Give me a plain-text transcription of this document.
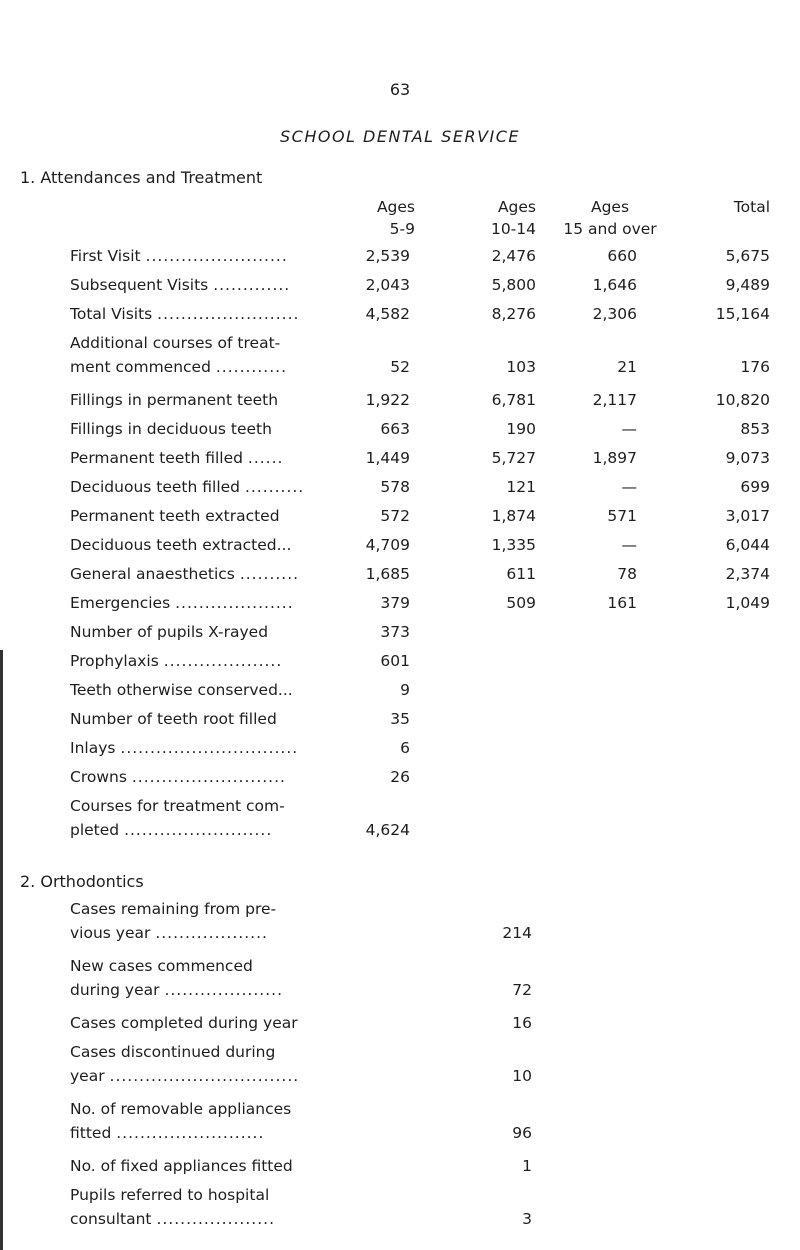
63
SCHOOL DENTAL SERVICE
1. Attendances and Treatment
Ages
5-9
Ages
10-14
Ages
15 and over
Total
First Visit ........................	2,539	2,476	660	5,675
Subsequent Visits .............	2,043	5,800	1,646	9,489
Total Visits ........................	4,582	8,276	2,306	15,164
Additional courses of treat-
ment commenced ............	52	103	21	176
Fillings in permanent teeth	1,922	6,781	2,117	10,820
Fillings in deciduous teeth	663	190	—	853
Permanent teeth filled ......	1,449	5,727	1,897	9,073
Deciduous teeth filled ..........	578	121	—	699
Permanent teeth extracted	572	1,874	571	3,017
Deciduous teeth extracted...	4,709	1,335	—	6,044
General anaesthetics ..........	1,685	611	78	2,374
Emergencies ....................	379	509	161	1,049
Number of pupils X-rayed	373
Prophylaxis ....................	601
Teeth otherwise conserved...	9
Number of teeth root filled	35
Inlays ..............................	6
Crowns ..........................	26
Courses for treatment com-
pleted .........................	4,624
2. Orthodontics
Cases remaining from pre-
vious year ...................	214
New cases commenced
during year ....................	72
Cases completed during year	16
Cases discontinued during
year ................................	10
No. of removable appliances
fitted .........................	96
No. of fixed appliances fitted	1
Pupils referred to hospital
consultant ....................	3
